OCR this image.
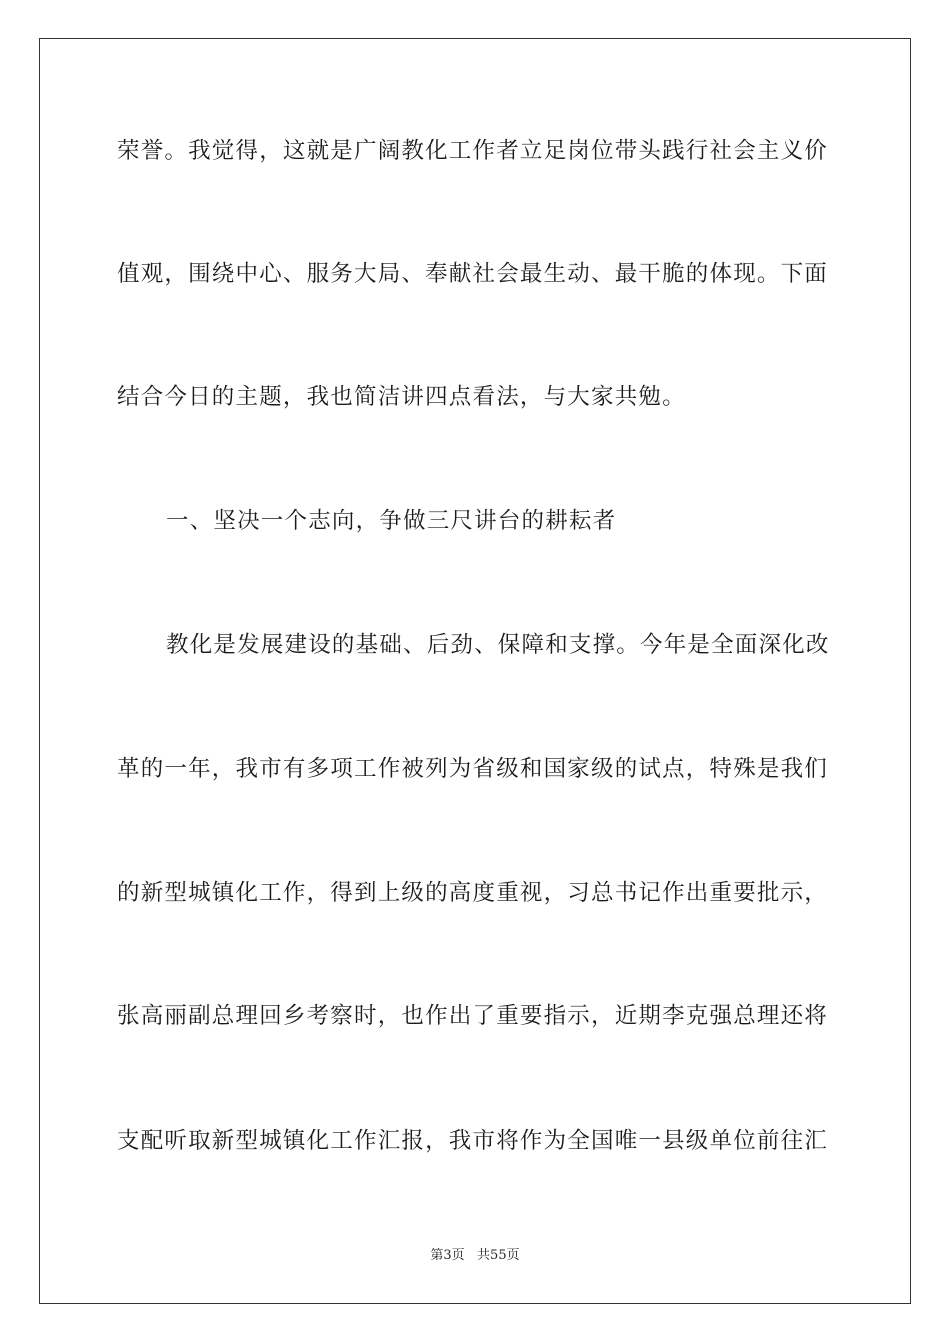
荣誉。我觉得，这就是广阔教化工作者立足岗位带头践行社会主义价
值观，围绕中心、服务大局、奉献社会最生动、最干脆的体现。下面
结合今日的主题，我也简洁讲四点看法，与大家共勉。
一、坚决一个志向，争做三尺讲台的耕耘者
教化是发展建设的基础、后劲、保障和支撑。今年是全面深化改
革的一年，我市有多项工作被列为省级和国家级的试点，特殊是我们
的新型城镇化工作，得到上级的高度重视，习总书记作出重要批示，
张高丽副总理回乡考察时，也作出了重要指示，近期李克强总理还将
支配听取新型城镇化工作汇报，我市将作为全国唯一县级单位前往汇
第3页   共55页
